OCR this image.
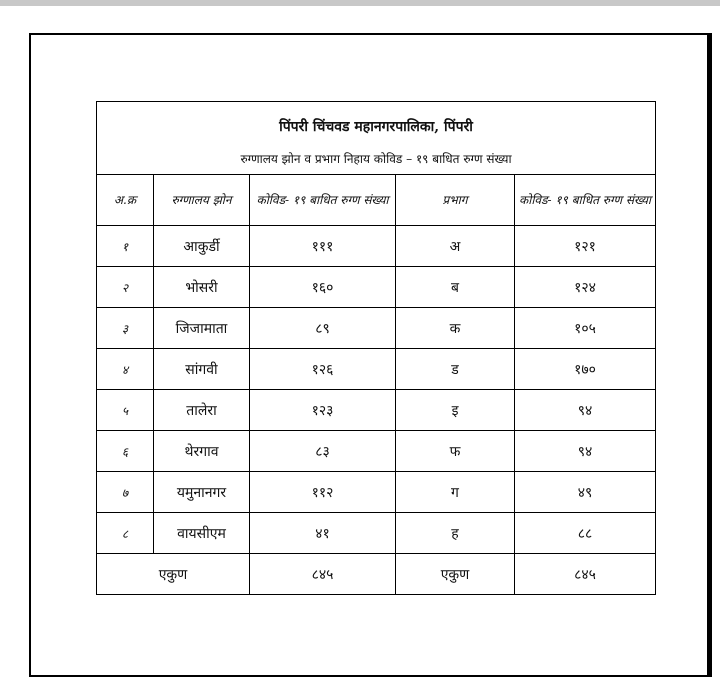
पिंपरी चिंचवड महानगरपालिका, पिंपरी
रुग्णालय झोन व प्रभाग निहाय कोविड – १९ बाधित रुग्ण संख्या				

अ.क्र	रुग्णालय झोन	कोविड- १९ बाधित रुग्ण संख्या	प्रभाग	कोविड- १९ बाधित रुग्ण संख्या
१	आकुर्डी	१११	अ	१२१
२	भोसरी	१६०	ब	१२४
३	जिजामाता	८९	क	१०५
४	सांगवी	१२६	ड	१७०
५	तालेरा	१२३	इ	९४
६	थेरगाव	८३	फ	९४
७	यमुनानगर	११२	ग	४९
८	वायसीएम	४१	ह	८८
एकुण		८४५	एकुण	८४५
